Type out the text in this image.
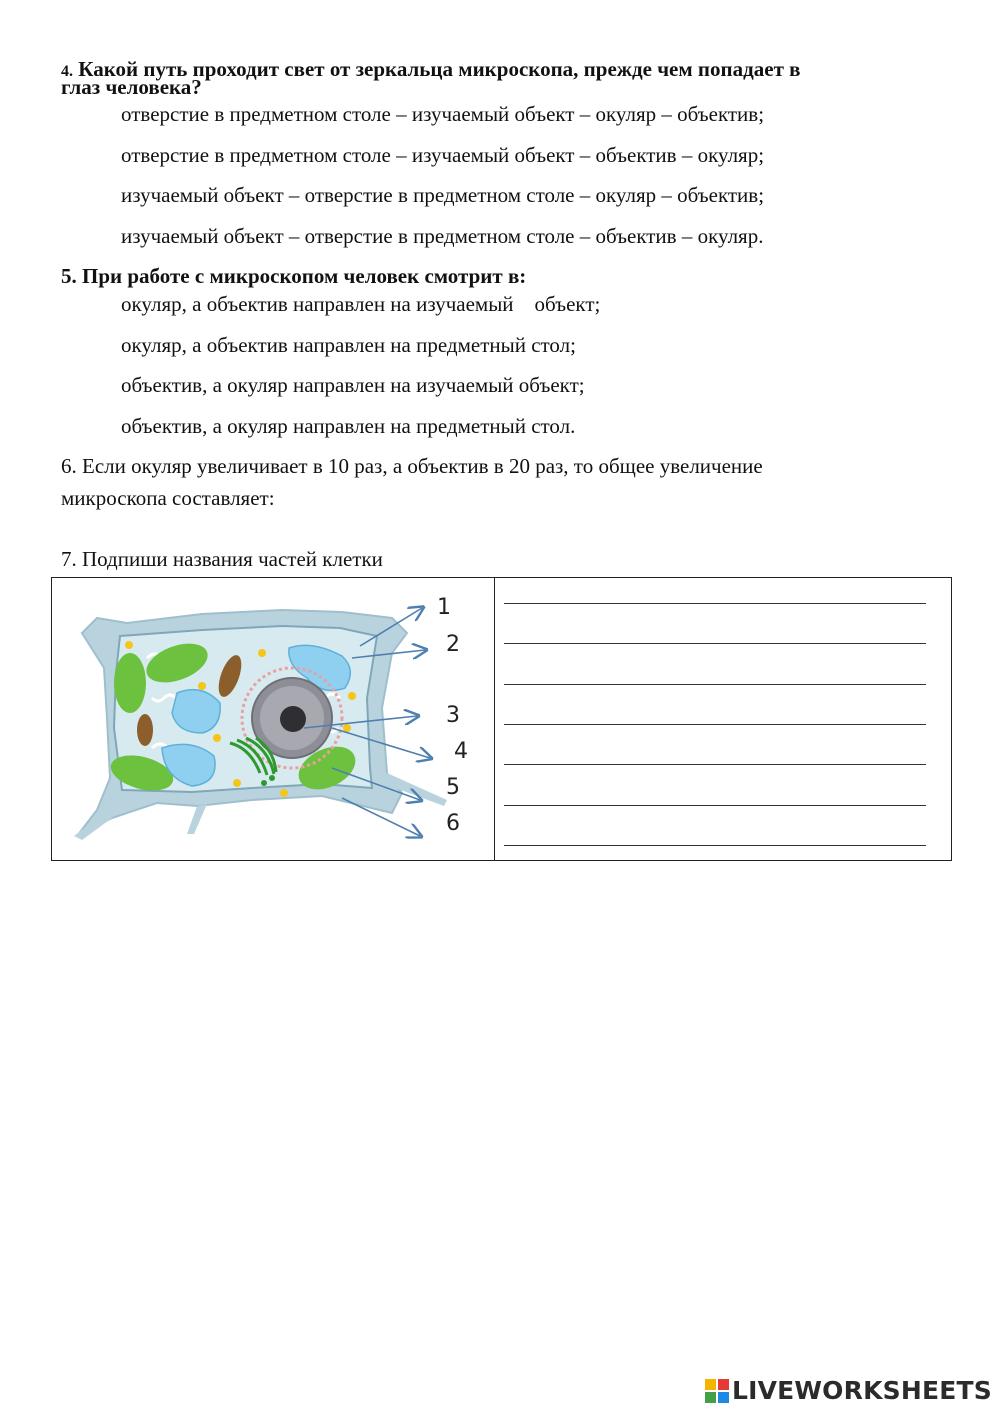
4. Какой путь проходит свет от зеркальца микроскопа, прежде чем попадает в
глаз человека?
отверстие в предметном столе – изучаемый объект – окуляр – объектив;
отверстие в предметном столе – изучаемый объект – объектив – окуляр;
изучаемый объект – отверстие в предметном столе – окуляр – объектив;
изучаемый объект – отверстие в предметном столе – объектив – окуляр.
5. При работе с микроскопом человек смотрит в:
окуляр, а объектив направлен на изучаемый    объект;
окуляр, а объектив направлен на предметный стол;
объектив, а окуляр направлен на изучаемый объект;
объектив, а окуляр направлен на предметный стол.
6. Если окуляр увеличивает в 10 раз, а объектив в 20 раз, то общее увеличение
микроскопа составляет:
7. Подпиши названия частей клетки
1
2
3
4
5
6
LIVEWORKSHEETS
